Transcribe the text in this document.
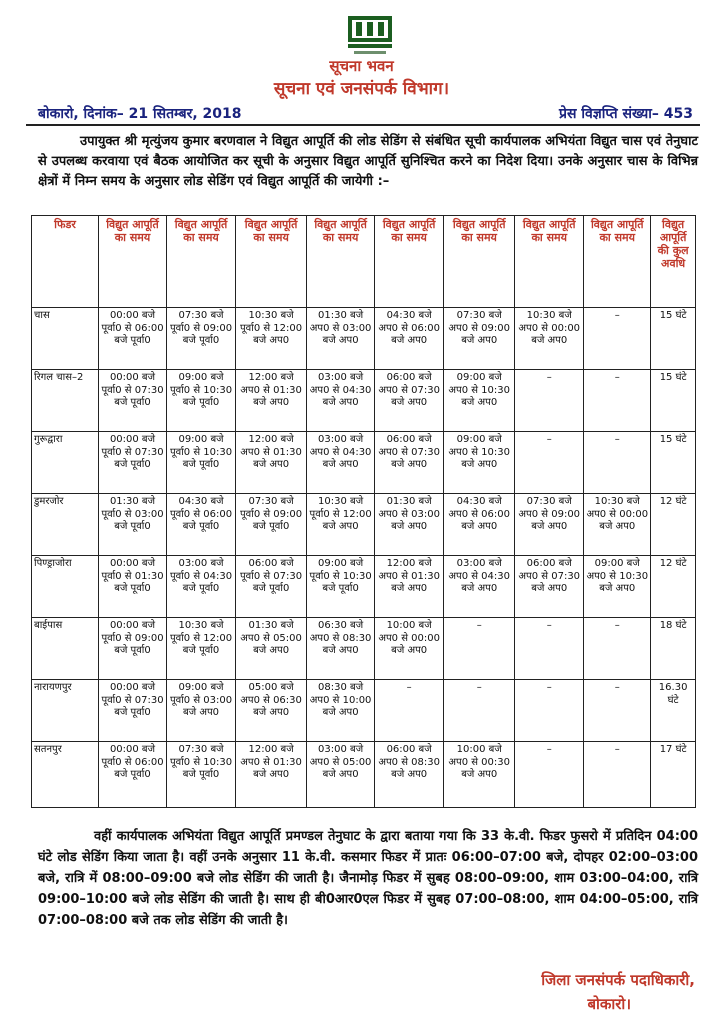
सूचना भवन
सूचना एवं जनसंपर्क विभाग।
बोकारो, दिनांक– 21 सितम्बर, 2018	प्रेस विज्ञप्ति संख्या– 453
उपायुक्त श्री मृत्युंजय कुमार बरणवाल ने विद्युत आपूर्ति की लोड सेडिंग से संबंधित सूची कार्यपालक अभियंता विद्युत चास एवं तेनुघाट से उपलब्ध करवाया एवं बैठक आयोजित कर सूची के अनुसार विद्युत आपूर्ति सुनिश्चित करने का निदेश दिया। उनके अनुसार चास के विभिन्न क्षेत्रों में निम्न समय के अनुसार लोड सेडिंग एवं विद्युत आपूर्ति की जायेगी :–
फिडर	विद्युत आपूर्ति का समय	विद्युत आपूर्ति का समय	विद्युत आपूर्ति का समय	विद्युत आपूर्ति का समय	विद्युत आपूर्ति का समय	विद्युत आपूर्ति का समय	विद्युत आपूर्ति का समय	विद्युत आपूर्ति का समय	विद्युत आपूर्ति की कुल अवधि
चास	00:00 बजे पूर्वा0 से 06:00 बजे पूर्वा0	07:30 बजे पूर्वा0 से 09:00 बजे पूर्वा0	10:30 बजे पूर्वा0 से 12:00 बजे अप0	01:30 बजे अप0 से 03:00 बजे अप0	04:30 बजे अप0 से 06:00 बजे अप0	07:30 बजे अप0 से 09:00 बजे अप0	10:30 बजे अप0 से 00:00 बजे अप0	–	15 घंटे
रिगल चास–2	00:00 बजे पूर्वा0 से 07:30 बजे पूर्वा0	09:00 बजे पूर्वा0 से 10:30 बजे पूर्वा0	12:00 बजे अप0 से 01:30 बजे अप0	03:00 बजे अप0 से 04:30 बजे अप0	06:00 बजे अप0 से 07:30 बजे अप0	09:00 बजे अप0 से 10:30 बजे अप0	–	–	15 घंटे
गुरूद्वारा	00:00 बजे पूर्वा0 से 07:30 बजे पूर्वा0	09:00 बजे पूर्वा0 से 10:30 बजे पूर्वा0	12:00 बजे अप0 से 01:30 बजे अप0	03:00 बजे अप0 से 04:30 बजे अप0	06:00 बजे अप0 से 07:30 बजे अप0	09:00 बजे अप0 से 10:30 बजे अप0	–	–	15 घंटे
डुमरजोर	01:30 बजे पूर्वा0 से 03:00 बजे पूर्वा0	04:30 बजे पूर्वा0 से 06:00 बजे पूर्वा0	07:30 बजे पूर्वा0 से 09:00 बजे पूर्वा0	10:30 बजे पूर्वा0 से 12:00 बजे अप0	01:30 बजे अप0 से 03:00 बजे अप0	04:30 बजे अप0 से 06:00 बजे अप0	07:30 बजे अप0 से 09:00 बजे अप0	10:30 बजे अप0 से 00:00 बजे अप0	12 घंटे
पिण्ड्राजोरा	00:00 बजे पूर्वा0 से 01:30 बजे पूर्वा0	03:00 बजे पूर्वा0 से 04:30 बजे पूर्वा0	06:00 बजे पूर्वा0 से 07:30 बजे पूर्वा0	09:00 बजे पूर्वा0 से 10:30 बजे पूर्वा0	12:00 बजे अप0 से 01:30 बजे अप0	03:00 बजे अप0 से 04:30 बजे अप0	06:00 बजे अप0 से 07:30 बजे अप0	09:00 बजे अप0 से 10:30 बजे अप0	12 घंटे
बाईपास	00:00 बजे पूर्वा0 से 09:00 बजे पूर्वा0	10:30 बजे पूर्वा0 से 12:00 बजे पूर्वा0	01:30 बजे अप0 से 05:00 बजे अप0	06:30 बजे अप0 से 08:30 बजे अप0	10:00 बजे अप0 से 00:00 बजे अप0	–	–	–	18 घंटे
नारायणपुर	00:00 बजे पूर्वा0 से 07:30 बजे पूर्वा0	09:00 बजे पूर्वा0 से 03:00 बजे अप0	05:00 बजे अप0 से 06:30 बजे अप0	08:30 बजे अप0 से 10:00 बजे अप0	–	–	–	–	16.30 घंटे
सतनपुर	00:00 बजे पूर्वा0 से 06:00 बजे पूर्वा0	07:30 बजे पूर्वा0 से 10:30 बजे पूर्वा0	12:00 बजे अप0 से 01:30 बजे अप0	03:00 बजे अप0 से 05:00 बजे अप0	06:00 बजे अप0 से 08:30 बजे अप0	10:00 बजे अप0 से 00:30 बजे अप0	–	–	17 घंटे
वहीं कार्यपालक अभियंता विद्युत आपूर्ति प्रमण्डल तेनुघाट के द्वारा बताया गया कि 33 के.वी. फिडर फुसरो में प्रतिदिन 04:00 घंटे लोड सेडिंग किया जाता है। वहीं उनके अनुसार 11 के.वी. कसमार फिडर में प्रातः 06:00–07:00 बजे, दोपहर 02:00–03:00 बजे, रात्रि में 08:00–09:00 बजे लोड सेडिंग की जाती है। जैनामोड़ फिडर में सुबह 08:00–09:00, शाम 03:00–04:00, रात्रि 09:00–10:00 बजे लोड सेडिंग की जाती है। साथ ही बी0आर0एल फिडर में सुबह 07:00–08:00, शाम 04:00–05:00, रात्रि 07:00–08:00 बजे तक लोड सेडिंग की जाती है।
जिला जनसंपर्क पदाधिकारी,
बोकारो।
